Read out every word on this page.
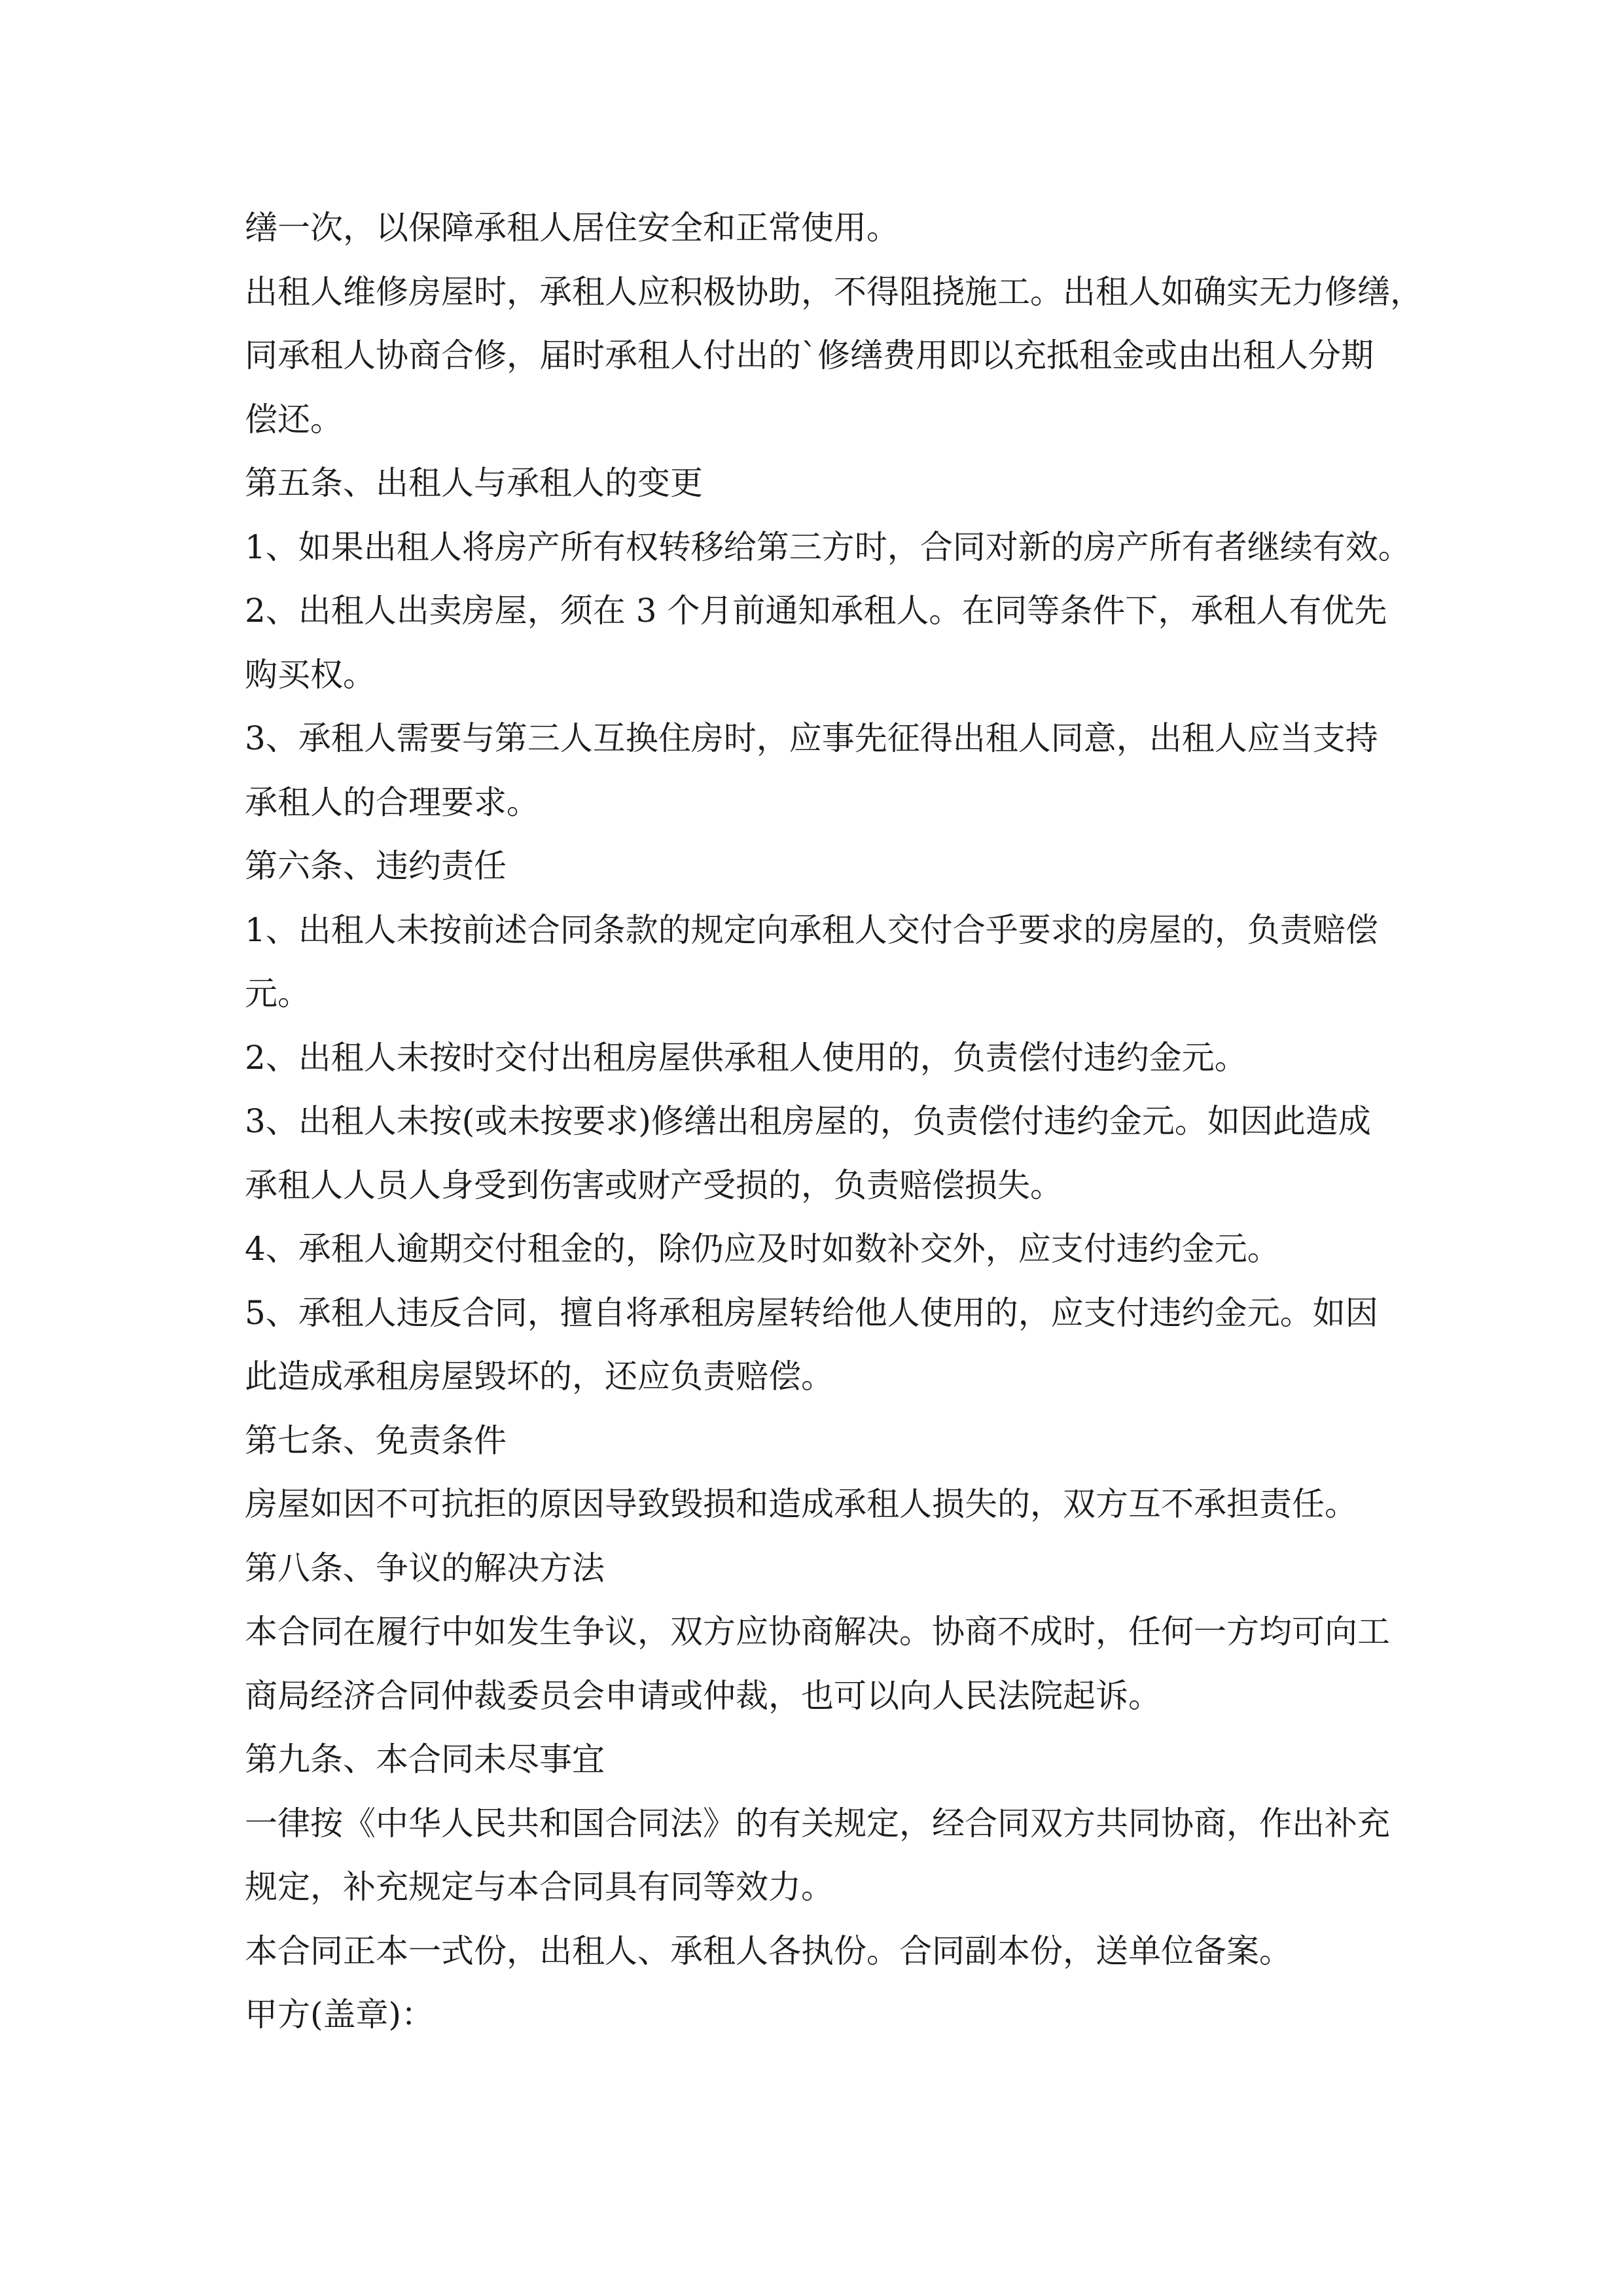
缮一次，以保障承租人居住安全和正常使用。
出租人维修房屋时，承租人应积极协助，不得阻挠施工。出租人如确实无力修缮，
同承租人协商合修，届时承租人付出的`修缮费用即以充抵租金或由出租人分期
偿还。
第五条、出租人与承租人的变更
1、如果出租人将房产所有权转移给第三方时，合同对新的房产所有者继续有效。
2、出租人出卖房屋，须在 3 个月前通知承租人。在同等条件下，承租人有优先
购买权。
3、承租人需要与第三人互换住房时，应事先征得出租人同意，出租人应当支持
承租人的合理要求。
第六条、违约责任
1、出租人未按前述合同条款的规定向承租人交付合乎要求的房屋的，负责赔偿
元。
2、出租人未按时交付出租房屋供承租人使用的，负责偿付违约金元。
3、出租人未按(或未按要求)修缮出租房屋的，负责偿付违约金元。如因此造成
承租人人员人身受到伤害或财产受损的，负责赔偿损失。
4、承租人逾期交付租金的，除仍应及时如数补交外，应支付违约金元。
5、承租人违反合同，擅自将承租房屋转给他人使用的，应支付违约金元。如因
此造成承租房屋毁坏的，还应负责赔偿。
第七条、免责条件
房屋如因不可抗拒的原因导致毁损和造成承租人损失的，双方互不承担责任。
第八条、争议的解决方法
本合同在履行中如发生争议，双方应协商解决。协商不成时，任何一方均可向工
商局经济合同仲裁委员会申请或仲裁，也可以向人民法院起诉。
第九条、本合同未尽事宜
一律按《中华人民共和国合同法》的有关规定，经合同双方共同协商，作出补充
规定，补充规定与本合同具有同等效力。
本合同正本一式份，出租人、承租人各执份。合同副本份，送单位备案。
甲方(盖章)：
